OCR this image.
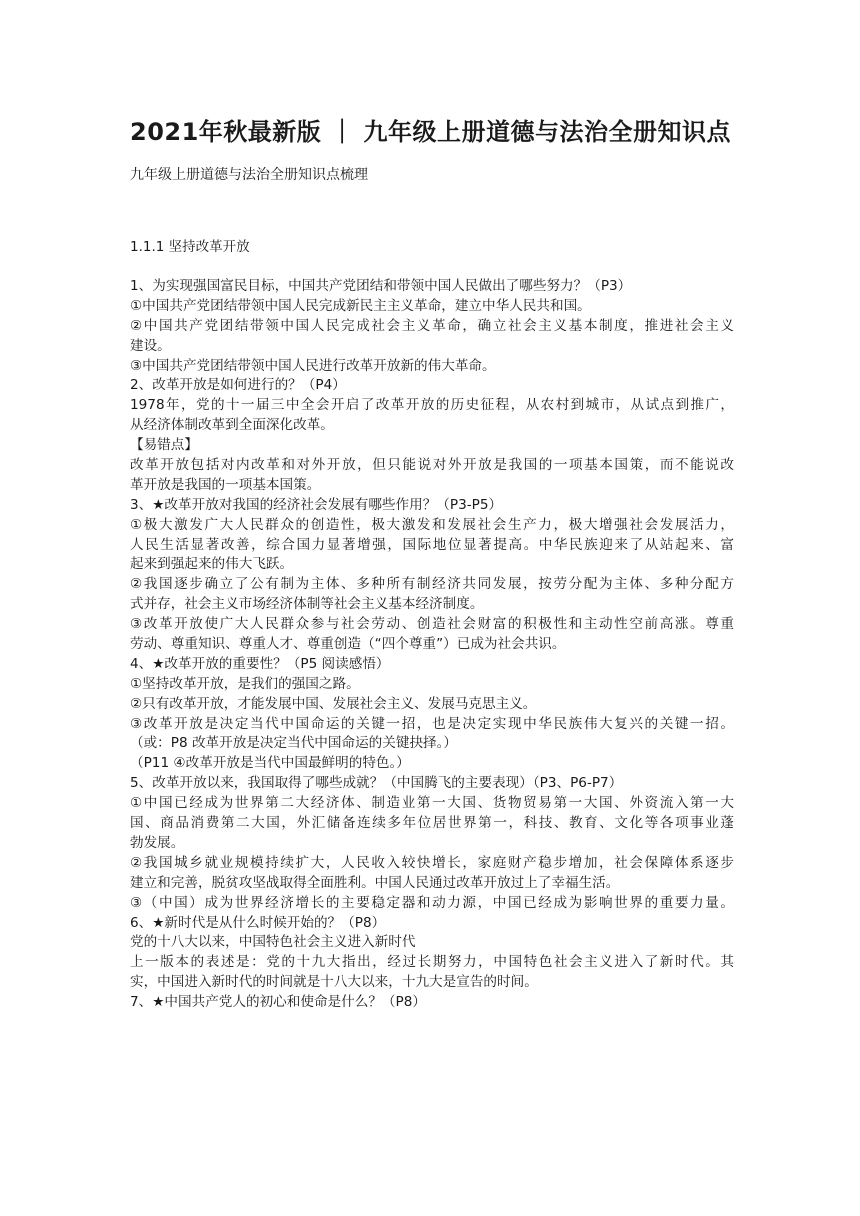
2021年秋最新版 ｜ 九年级上册道德与法治全册知识点
九年级上册道德与法治全册知识点梳理
1.1.1 坚持改革开放
1、为实现强国富民目标，中国共产党团结和带领中国人民做出了哪些努力？（P3）
①中国共产党团结带领中国人民完成新民主主义革命，建立中华人民共和国。
②中国共产党团结带领中国人民完成社会主义革命，确立社会主义基本制度，推进社会主义
建设。
③中国共产党团结带领中国人民进行改革开放新的伟大革命。
2、改革开放是如何进行的？（P4）
1978年，党的十一届三中全会开启了改革开放的历史征程，从农村到城市，从试点到推广，
从经济体制改革到全面深化改革。
【易错点】
改革开放包括对内改革和对外开放，但只能说对外开放是我国的一项基本国策，而不能说改
革开放是我国的一项基本国策。
3、★改革开放对我国的经济社会发展有哪些作用？（P3-P5）
①极大激发广大人民群众的创造性，极大激发和发展社会生产力，极大增强社会发展活力，
人民生活显著改善，综合国力显著增强，国际地位显著提高。中华民族迎来了从站起来、富
起来到强起来的伟大飞跃。
②我国逐步确立了公有制为主体、多种所有制经济共同发展，按劳分配为主体、多种分配方
式并存，社会主义市场经济体制等社会主义基本经济制度。
③改革开放使广大人民群众参与社会劳动、创造社会财富的积极性和主动性空前高涨。尊重
劳动、尊重知识、尊重人才、尊重创造（“四个尊重”）已成为社会共识。
4、★改革开放的重要性？（P5 阅读感悟）
①坚持改革开放，是我们的强国之路。
②只有改革开放，才能发展中国、发展社会主义、发展马克思主义。
③改革开放是决定当代中国命运的关键一招，也是决定实现中华民族伟大复兴的关键一招。
（或：P8 改革开放是决定当代中国命运的关键抉择。）
（P11 ④改革开放是当代中国最鲜明的特色。）
5、改革开放以来，我国取得了哪些成就？（中国腾飞的主要表现）（P3、P6-P7）
①中国已经成为世界第二大经济体、制造业第一大国、货物贸易第一大国、外资流入第一大
国、商品消费第二大国，外汇储备连续多年位居世界第一，科技、教育、文化等各项事业蓬
勃发展。
②我国城乡就业规模持续扩大，人民收入较快增长，家庭财产稳步增加，社会保障体系逐步
建立和完善，脱贫攻坚战取得全面胜利。中国人民通过改革开放过上了幸福生活。
③（中国）成为世界经济增长的主要稳定器和动力源，中国已经成为影响世界的重要力量。
6、★新时代是从什么时候开始的？（P8）
党的十八大以来，中国特色社会主义进入新时代
上一版本的表述是：党的十九大指出，经过长期努力，中国特色社会主义进入了新时代。其
实，中国进入新时代的时间就是十八大以来，十九大是宣告的时间。
7、★中国共产党人的初心和使命是什么？（P8）
